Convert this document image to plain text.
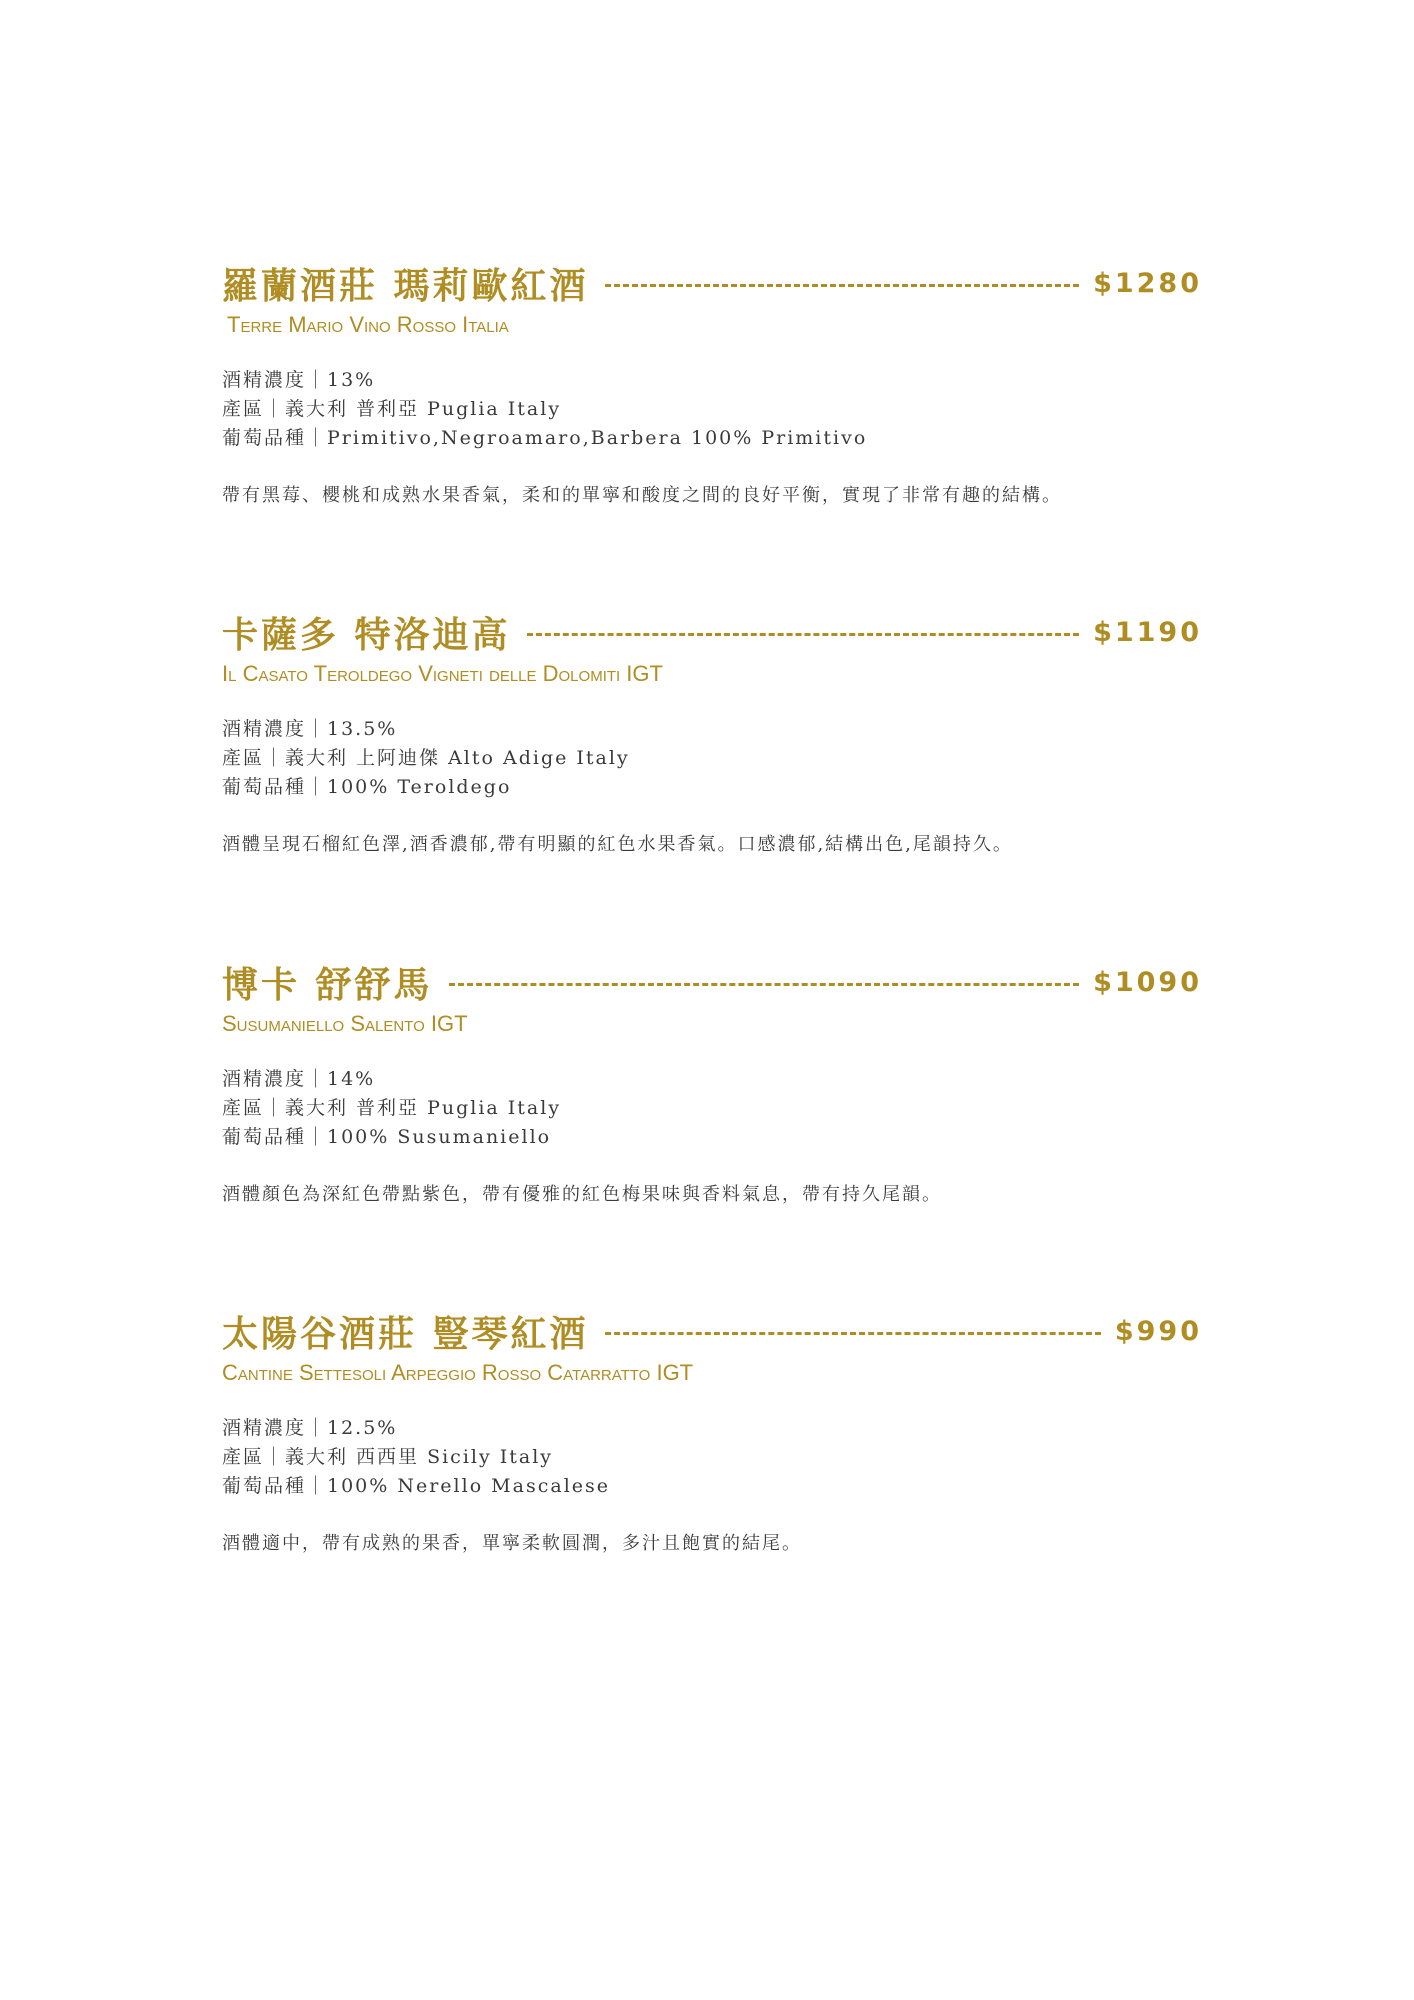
羅蘭酒莊 瑪莉歐紅酒	$1280
Terre Mario Vino Rosso Italia
酒精濃度｜13%
產區｜義大利 普利亞 Puglia Italy
葡萄品種｜Primitivo,Negroamaro,Barbera 100% Primitivo
帶有黑莓、櫻桃和成熟水果香氣，柔和的單寧和酸度之間的良好平衡，實現了非常有趣的結構。
卡薩多 特洛迪高	$1190
Il Casato Teroldego Vigneti delle Dolomiti IGT
酒精濃度｜13.5%
產區｜義大利 上阿迪傑 Alto Adige Italy
葡萄品種｜100% Teroldego
酒體呈現石榴紅色澤,酒香濃郁,帶有明顯的紅色水果香氣。口感濃郁,結構出色,尾韻持久。
博卡 舒舒馬	$1090
Susumaniello Salento IGT
酒精濃度｜14%
產區｜義大利 普利亞 Puglia Italy
葡萄品種｜100% Susumaniello
酒體顏色為深紅色帶點紫色，帶有優雅的紅色梅果味與香料氣息，帶有持久尾韻。
太陽谷酒莊 豎琴紅酒	$990
Cantine Settesoli Arpeggio Rosso Catarratto IGT
酒精濃度｜12.5%
產區｜義大利 西西里 Sicily Italy
葡萄品種｜100% Nerello Mascalese
酒體適中，帶有成熟的果香，單寧柔軟圓潤，多汁且飽實的結尾。
